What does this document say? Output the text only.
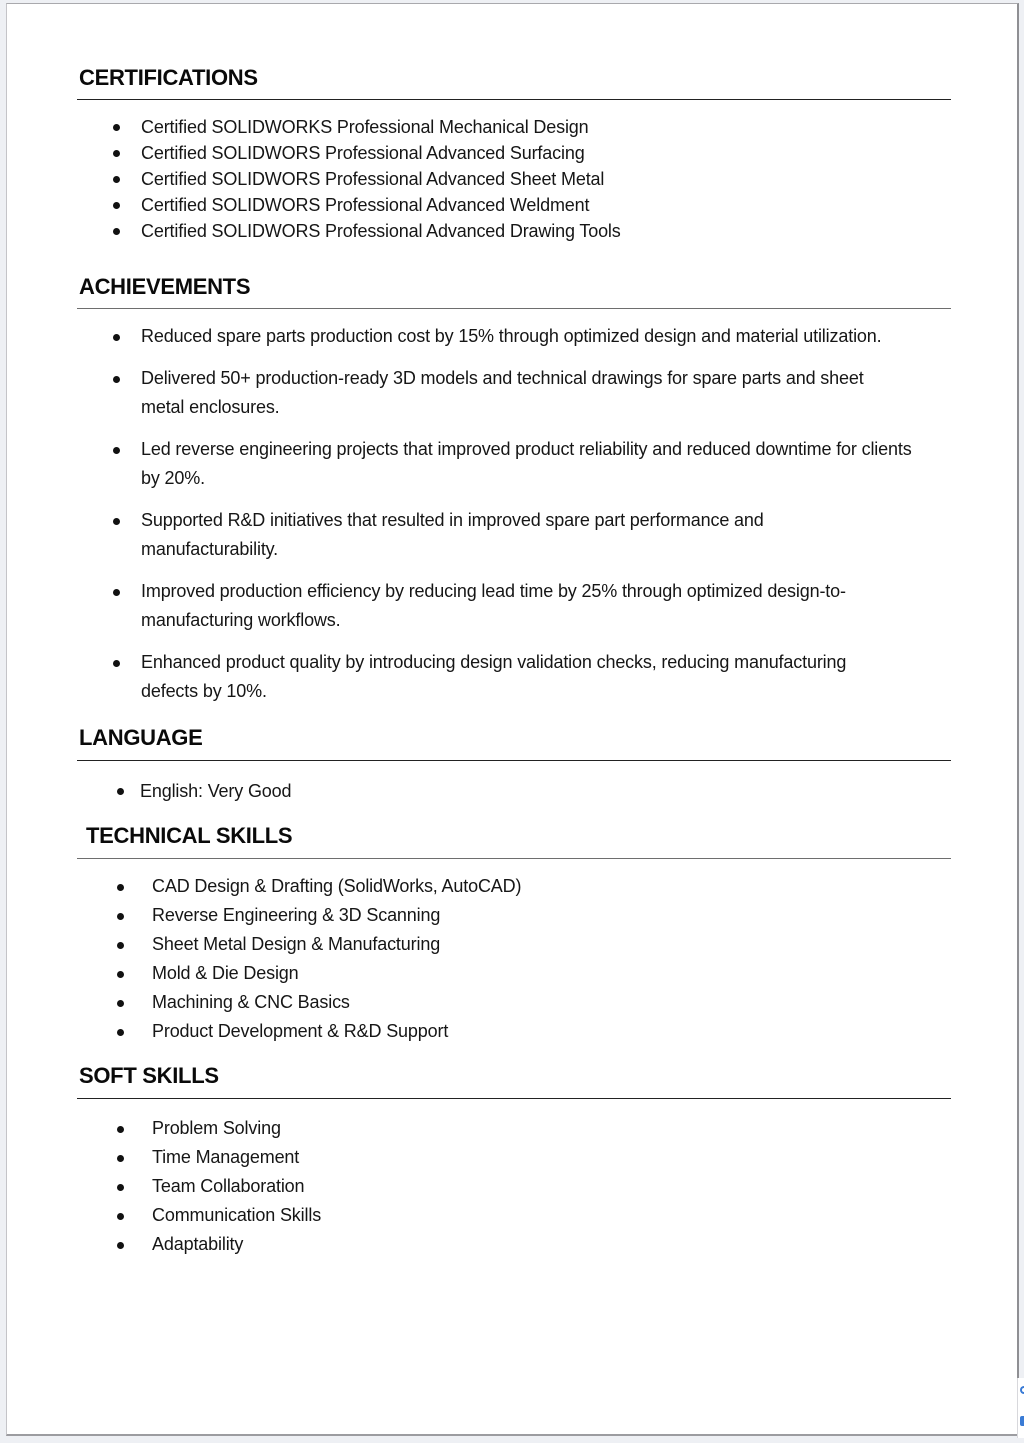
CERTIFICATIONS
Certified SOLIDWORKS Professional Mechanical Design
Certified SOLIDWORS Professional Advanced Surfacing
Certified SOLIDWORS Professional Advanced Sheet Metal
Certified SOLIDWORS Professional Advanced Weldment
Certified SOLIDWORS Professional Advanced Drawing Tools
ACHIEVEMENTS
Reduced spare parts production cost by 15% through optimized design and material utilization.
Delivered 50+ production-ready 3D models and technical drawings for spare parts and sheet metal enclosures.
Led reverse engineering projects that improved product reliability and reduced downtime for clients by 20%.
Supported R&D initiatives that resulted in improved spare part performance and manufacturability.
Improved production efficiency by reducing lead time by 25% through optimized design-to-manufacturing workflows.
Enhanced product quality by introducing design validation checks, reducing manufacturing defects by 10%.
LANGUAGE
English: Very Good
TECHNICAL SKILLS
CAD Design & Drafting (SolidWorks, AutoCAD)
Reverse Engineering & 3D Scanning
Sheet Metal Design & Manufacturing
Mold & Die Design
Machining & CNC Basics
Product Development & R&D Support
SOFT SKILLS
Problem Solving
Time Management
Team Collaboration
Communication Skills
Adaptability
